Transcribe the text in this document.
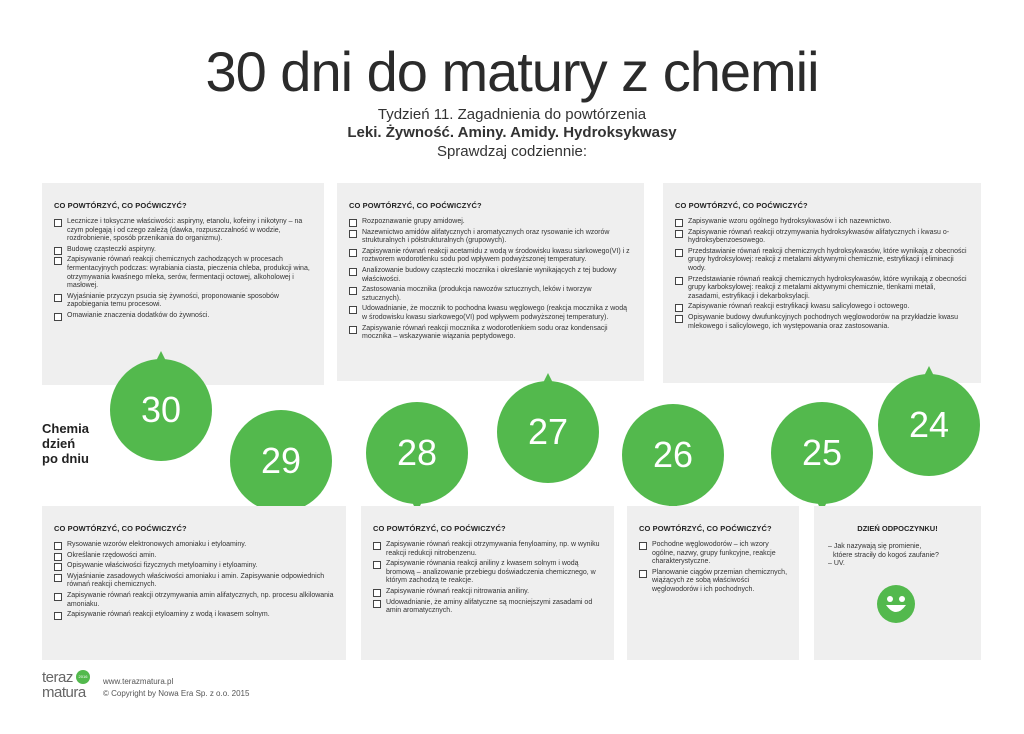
30 dni do matury z chemii
Tydzień 11. Zagadnienia do powtórzenia
Leki. Żywność. Aminy. Amidy. Hydroksykwasy
Sprawdzaj codziennie:
CO POWTÓRZYĆ, CO POĆWICZYĆ?
Lecznicze i toksyczne właściwości: aspiryny, etanolu, kofeiny i nikotyny – na czym polegają i od czego zależą (dawka, rozpuszczalność w wodzie, rozdrobnienie, sposób przenikania do organizmu).
Budowę cząsteczki aspiryny.
Zapisywanie równań reakcji chemicznych zachodzących w procesach fermentacyjnych podczas: wyrabiania ciasta, pieczenia chleba, produkcji wina, otrzymywania kwaśnego mleka, serów, fermentacji octowej, alkoholowej i masłowej.
Wyjaśnianie przyczyn psucia się żywności, proponowanie sposobów zapobiegania temu procesowi.
Omawianie znaczenia dodatków do żywności.
CO POWTÓRZYĆ, CO POĆWICZYĆ?
Rozpoznawanie grupy amidowej.
Nazewnictwo amidów alifatycznych i aromatycznych oraz rysowanie ich wzorów strukturalnych i półstrukturalnych (grupowych).
Zapisywanie równań reakcji acetamidu z wodą w środowisku kwasu siarkowego(VI) i z roztworem wodorotlenku sodu pod wpływem podwyższonej temperatury.
Analizowanie budowy cząsteczki mocznika i określanie wynikających z tej budowy właściwości.
Zastosowania mocznika (produkcja nawozów sztucznych, leków i tworzyw sztucznych).
Udowadnianie, że mocznik to pochodna kwasu węglowego (reakcja mocznika z wodą w środowisku kwasu siarkowego(VI) pod wpływem podwyższonej temperatury).
Zapisywanie równań reakcji mocznika z wodorotlenkiem sodu oraz kondensacji mocznika – wskazywanie wiązania peptydowego.
CO POWTÓRZYĆ, CO POĆWICZYĆ?
Zapisywanie wzoru ogólnego hydroksykwasów i ich nazewnictwo.
Zapisywanie równań reakcji otrzymywania hydroksykwasów alifatycznych i kwasu o-hydroksybenzoesowego.
Przedstawianie równań reakcji chemicznych hydroksykwasów, które wynikają z obecności grupy hydroksylowej: reakcji z metalami aktywnymi chemicznie, estryfikacji i eliminacji wody.
Przedstawianie równań reakcji chemicznych hydroksykwasów, które wynikają z obecności grupy karboksylowej: reakcji z metalami aktywnymi chemicznie, tlenkami metali, zasadami, estryfikacji i dekarboksylacji.
Zapisywanie równań reakcji estryfikacji kwasu salicylowego i octowego.
Opisywanie budowy dwufunkcyjnych pochodnych węglowodorów na przykładzie kwasu mlekowego i salicylowego, ich występowania oraz zastosowania.
Chemia
dzień
po dniu
30
29	28
27
26	25
24
CO POWTÓRZYĆ, CO POĆWICZYĆ?
Rysowanie wzorów elektronowych amoniaku i etyloaminy.
Określanie rzędowości amin.
Opisywanie właściwości fizycznych metyloaminy i etyloaminy.
Wyjaśnianie zasadowych właściwości amoniaku i amin. Zapisywanie odpowiednich równań reakcji chemicznych.
Zapisywanie równań reakcji otrzymywania amin alifatycznych, np. procesu alkilowania amoniaku.
Zapisywanie równań reakcji etyloaminy z wodą i kwasem solnym.
CO POWTÓRZYĆ, CO POĆWICZYĆ?
Zapisywanie równań reakcji otrzymywania fenyloaminy, np. w wyniku reakcji redukcji nitrobenzenu.
Zapisywanie równania reakcji aniliny z kwasem solnym i wodą bromową – analizowanie przebiegu doświadczenia chemicznego, w którym zachodzą te reakcje.
Zapisywanie równań reakcji nitrowania aniliny.
Udowadnianie, że aminy alifatyczne są mocniejszymi zasadami od amin aromatycznych.
CO POWTÓRZYĆ, CO POĆWICZYĆ?
Pochodne węglowodorów – ich wzory ogólne, nazwy, grupy funkcyjne, reakcje charakterystyczne.
Planowanie ciągów przemian chemicznych, wiążących ze sobą właściwości węglowodorów i ich pochodnych.
DZIEŃ ODPOCZYNKU!
– Jak nazywają się promienie,
któere straciły do kogoś zaufanie?
– UV.
teraz	2016
matura
www.terazmatura.pl
© Copyright by Nowa Era Sp. z o.o. 2015
